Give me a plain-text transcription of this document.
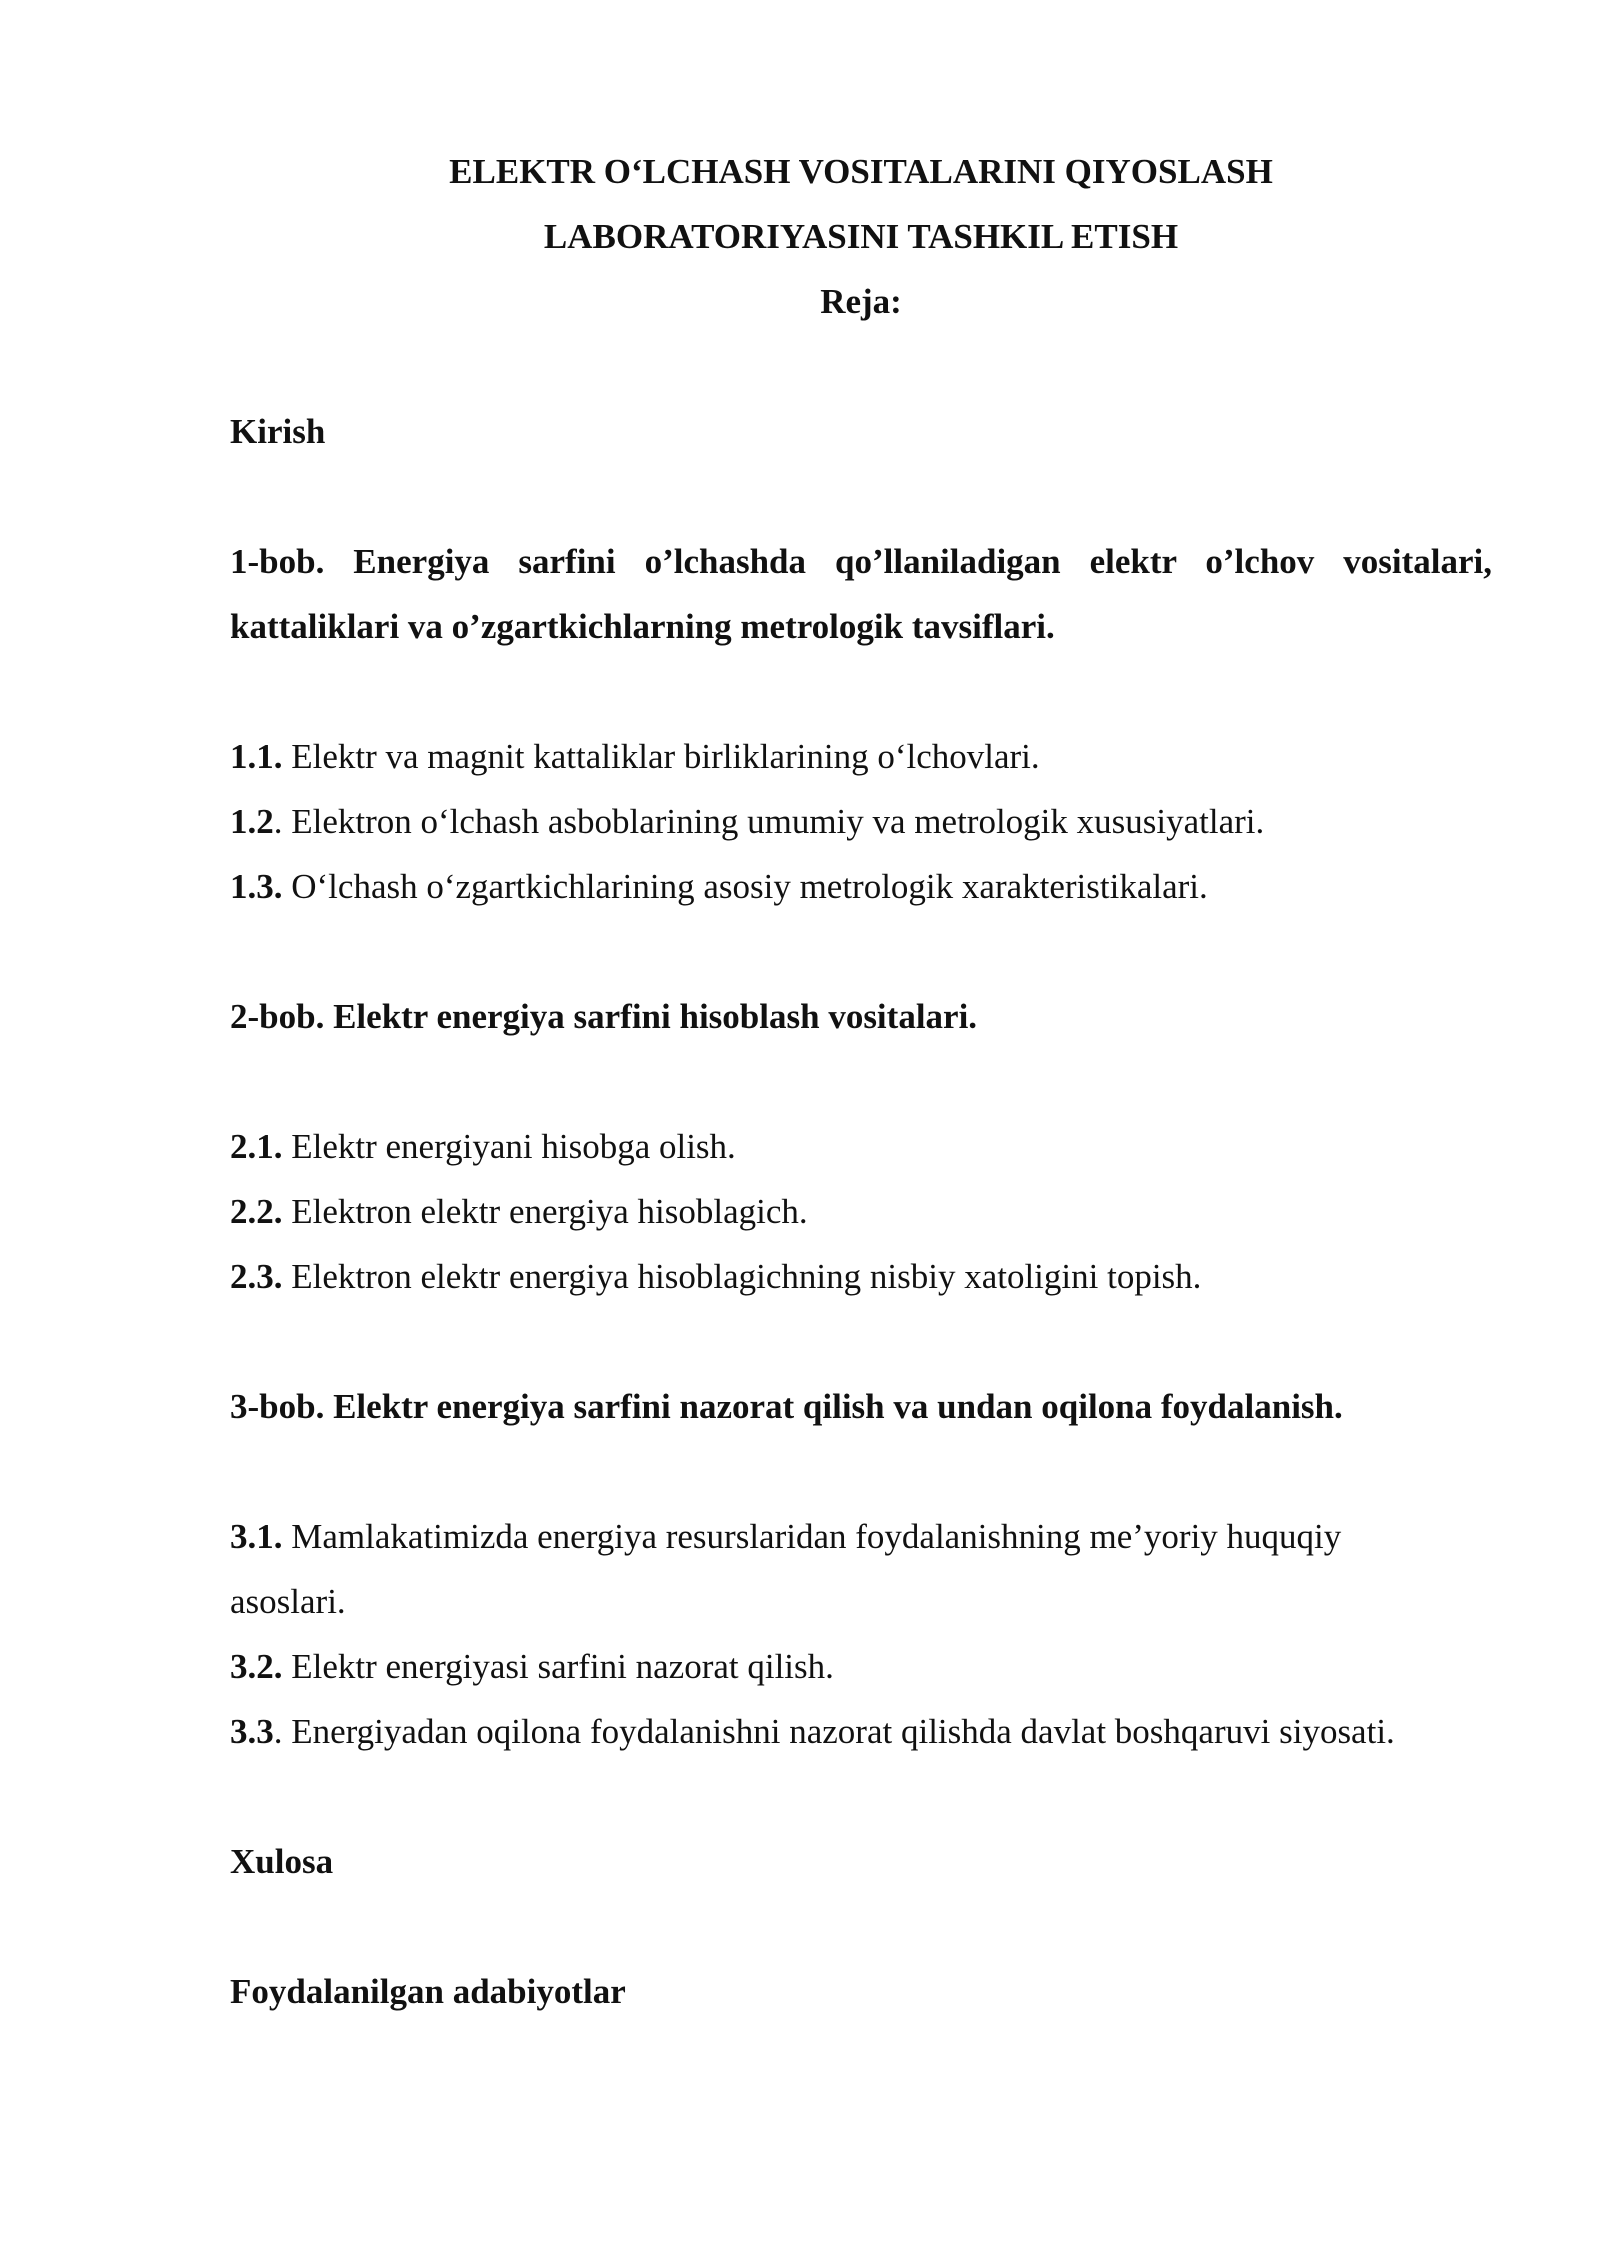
ELEKTR O‘LCHASH VOSITALARINI QIYOSLASH
LABORATORIYASINI TASHKIL ETISH
Reja:
Kirish
1-bob. Energiya sarfini o’lchashda qo’llaniladigan elektr o’lchov vositalari,
kattaliklari va o’zgartkichlarning metrologik tavsiflari.
1.1. Elektr va magnit kattaliklar birliklarining o‘lchovlari.
1.2. Elektron o‘lchash asboblarining umumiy va metrologik xususiyatlari.
1.3. O‘lchash o‘zgartkichlarining asosiy metrologik xarakteristikalari.
2-bob. Elektr energiya sarfini hisoblash vositalari.
2.1. Elektr energiyani hisobga olish.
2.2. Elektron elektr energiya hisoblagich.
2.3. Elektron elektr energiya hisoblagichning nisbiy xatoligini topish.
3-bob. Elektr energiya sarfini nazorat qilish va undan oqilona foydalanish.
3.1. Mamlakatimizda energiya resurslaridan foydalanishning me’yoriy huquqiy
asoslari.
3.2. Elektr energiyasi sarfini nazorat qilish.
3.3. Energiyadan oqilona foydalanishni nazorat qilishda davlat boshqaruvi siyosati.
Xulosa
Foydalanilgan adabiyotlar
